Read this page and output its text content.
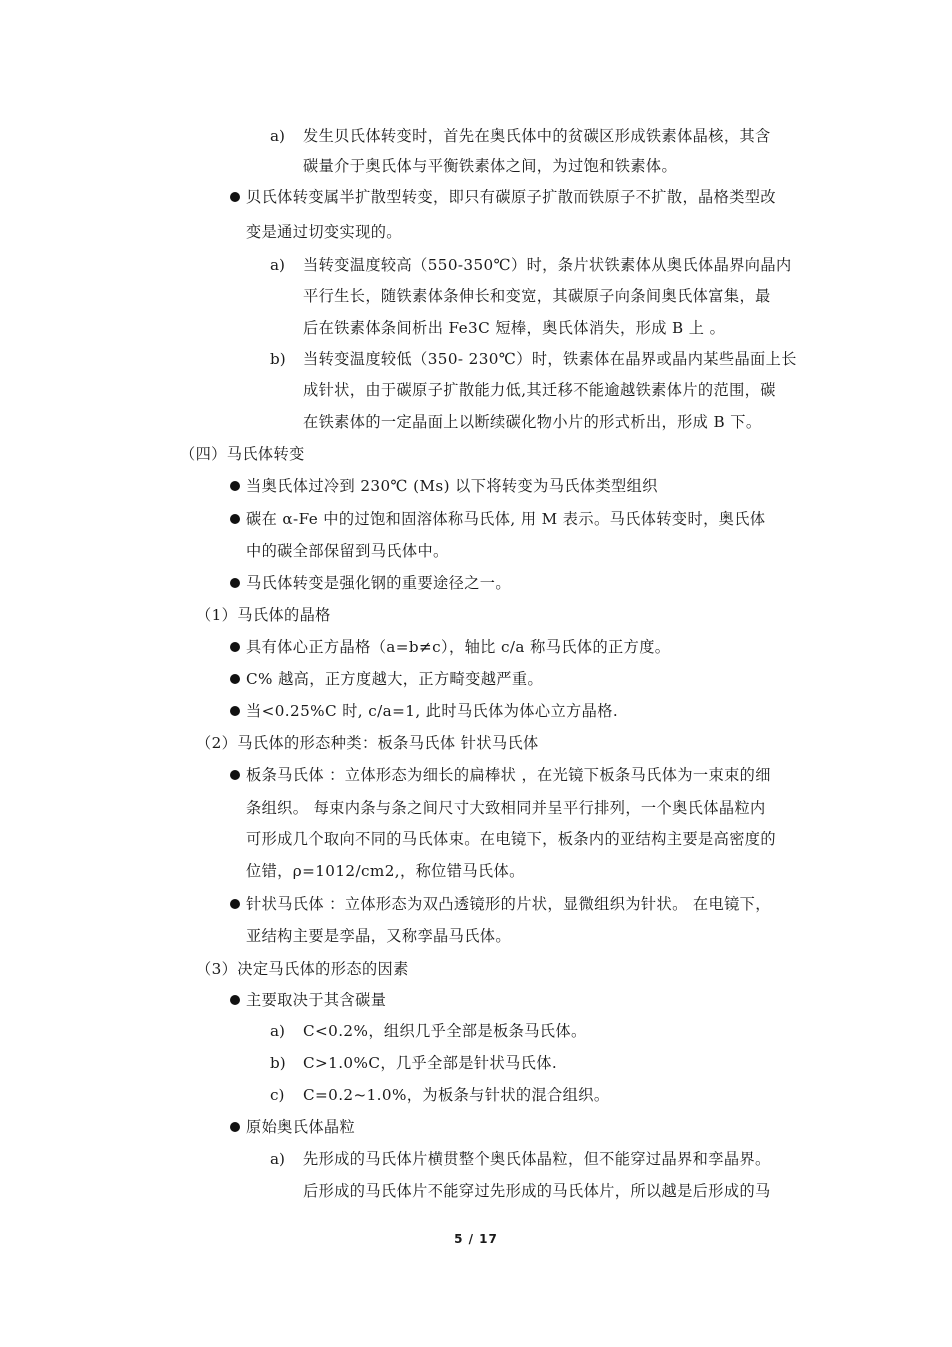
a) 发生贝氏体转变时，首先在奥氏体中的贫碳区形成铁素体晶核，其含

碳量介于奥氏体与平衡铁素体之间，为过饱和铁素体。

贝氏体转变属半扩散型转变，即只有碳原子扩散而铁原子不扩散，晶格类型改

变是通过切变实现的。

a) 当转变温度较高（550-350℃）时，条片状铁素体从奥氏体晶界向晶内

平行生长，随铁素体条伸长和变宽，其碳原子向条间奥氏体富集，最

后在铁素体条间析出 Fe3C 短棒，奥氏体消失，形成 B 上 。

b) 当转变温度较低（350- 230℃）时，铁素体在晶界或晶内某些晶面上长

成针状，由于碳原子扩散能力低,其迁移不能逾越铁素体片的范围，碳

在铁素体的一定晶面上以断续碳化物小片的形式析出，形成 B 下。

（四）马氏体转变

当奥氏体过冷到 230℃ (Ms) 以下将转变为马氏体类型组织

碳在 α-Fe 中的过饱和固溶体称马氏体, 用 M 表示。马氏体转变时，奥氏体

中的碳全部保留到马氏体中。

马氏体转变是强化钢的重要途径之一。

（1）马氏体的晶格

具有体心正方晶格（a=b≠c），轴比 c/a 称马氏体的正方度。

C% 越高，正方度越大，正方畸变越严重。

当<0.25%C 时, c/a=1, 此时马氏体为体心立方晶格.

（2）马氏体的形态种类：板条马氏体 针状马氏体

板条马氏体 ：立体形态为细长的扁棒状 ，在光镜下板条马氏体为一束束的细

条组织。 每束内条与条之间尺寸大致相同并呈平行排列，一个奥氏体晶粒内

可形成几个取向不同的马氏体束。在电镜下，板条内的亚结构主要是高密度的

位错，ρ=1012/cm2,，称位错马氏体。

针状马氏体 ：立体形态为双凸透镜形的片状，显微组织为针状。 在电镜下，

亚结构主要是孪晶，又称孪晶马氏体。

（3）决定马氏体的形态的因素

主要取决于其含碳量

a) C<0.2%，组织几乎全部是板条马氏体。

b) C>1.0%C，几乎全部是针状马氏体.

c) C=0.2~1.0%，为板条与针状的混合组织。

原始奥氏体晶粒

a) 先形成的马氏体片横贯整个奥氏体晶粒，但不能穿过晶界和孪晶界。

后形成的马氏体片不能穿过先形成的马氏体片，所以越是后形成的马

5 / 17
